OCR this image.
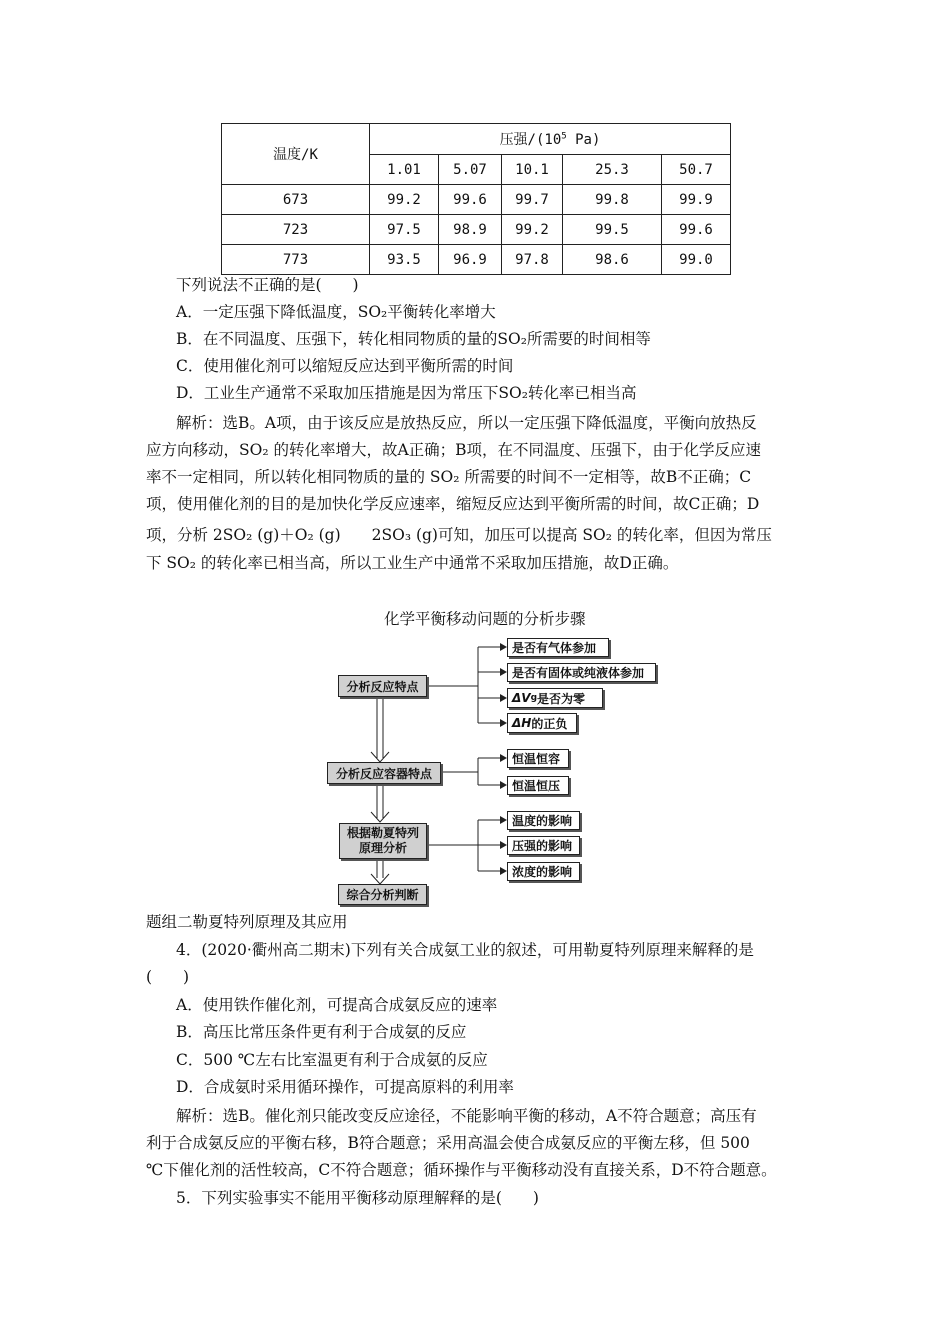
温度/K	压强$/(10^5$ Pa)				
	1.01	5.07	10.1	25.3	50.7
673	99.2	99.6	99.7	99.8	99.9
723	97.5	98.9	99.2	99.5	99.6
773	93.5	96.9	97.8	98.6	99.0
下列说法不正确的是(　　)
A．一定压强下降低温度，SO₂平衡转化率增大
B．在不同温度、压强下，转化相同物质的量的SO₂所需要的时间相等
C．使用催化剂可以缩短反应达到平衡所需的时间
D．工业生产通常不采取加压措施是因为常压下SO₂转化率已相当高
解析：选B。A项，由于该反应是放热反应，所以一定压强下降低温度，平衡向放热反
应方向移动，SO₂ 的转化率增大，故A正确；B项，在不同温度、压强下，由于化学反应速
率不一定相同，所以转化相同物质的量的 SO₂ 所需要的时间不一定相等，故B不正确；C
项，使用催化剂的目的是加快化学反应速率，缩短反应达到平衡所需的时间，故C正确；D
项，分析 2SO₂ (g)＋O₂ (g)　　2SO₃ (g)可知，加压可以提高 SO₂ 的转化率，但因为常压
下 SO₂ 的转化率已相当高，所以工业生产中通常不采取加压措施，故D正确。
化学平衡移动问题的分析步骤
分析反应特点
分析反应容器特点
根据勒夏特列
原理分析
综合分析判断
是否有气体参加
是否有固体或纯液体参加
ΔV g 是否为零
ΔH 的正负
恒温恒容
恒温恒压
温度的影响
压强的影响
浓度的影响
题组二勒夏特列原理及其应用
4．(2020·衢州高二期末)下列有关合成氨工业的叙述，可用勒夏特列原理来解释的是
(　　)
A．使用铁作催化剂，可提高合成氨反应的速率
B．高压比常压条件更有利于合成氨的反应
C．500 ℃左右比室温更有利于合成氨的反应
D．合成氨时采用循环操作，可提高原料的利用率
解析：选B。催化剂只能改变反应途径，不能影响平衡的移动，A不符合题意；高压有
利于合成氨反应的平衡右移，B符合题意；采用高温会使合成氨反应的平衡左移，但 500
℃下催化剂的活性较高，C不符合题意；循环操作与平衡移动没有直接关系，D不符合题意。
5．下列实验事实不能用平衡移动原理解释的是(　　)
